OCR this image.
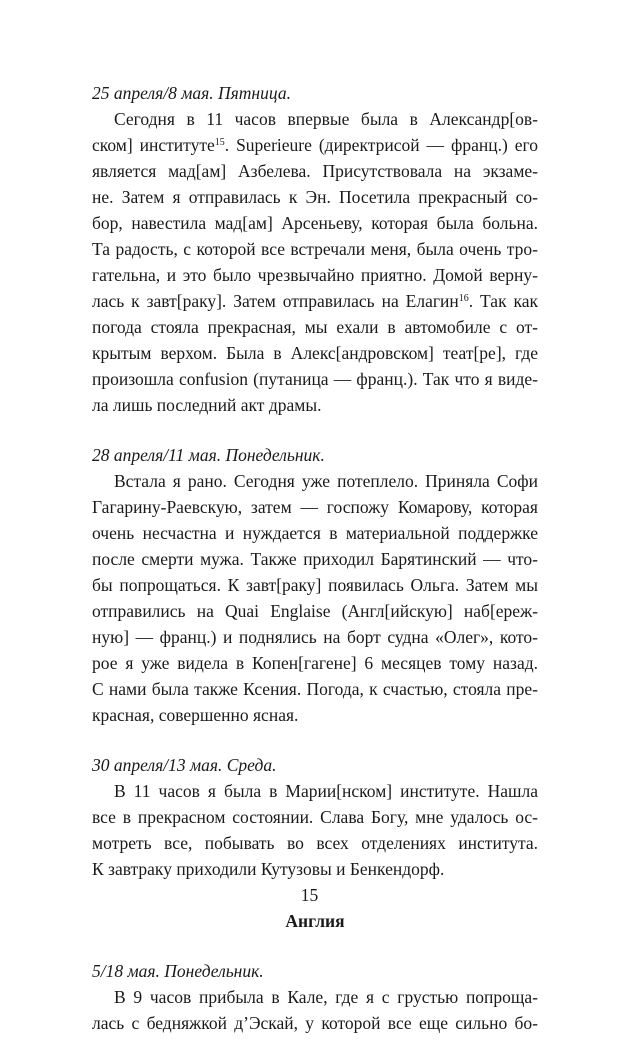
25 апреля/8 мая. Пятница.

Сегодня в 11 часов впервые была в Александр[ов-
ском] институте$^{15}$. Superieure (директрисой — франц.) его
является мад[ам] Азбелева. Присутствовала на экзаме-
не. Затем я отправилась к Эн. Посетила прекрасный со-
бор, навестила мад[ам] Арсеньеву, которая была больна.
Та радость, с которой все встречали меня, была очень тро-
гательна, и это было чрезвычайно приятно. Домой верну-
лась к завт[раку]. Затем отправилась на Елагин$^{16}$. Так как
погода стояла прекрасная, мы ехали в автомобиле с от-
крытым верхом. Была в Алекс[андровском] теат[ре], где
произошла confusion (путаница — франц.). Так что я виде-
ла лишь последний акт драмы.

28 апреля/11 мая. Понедельник.

Встала я рано. Сегодня уже потеплело. Приняла Софи
Гагарину-Раевскую, затем — госпожу Комарову, которая
очень несчастна и нуждается в материальной поддержке
после смерти мужа. Также приходил Барятинский — что-
бы попрощаться. К завт[раку] появилась Ольга. Затем мы
отправились на Quai Englaise (Англ[ийскую] наб[ереж-
ную] — франц.) и поднялись на борт судна «Олег», кото-
рое я уже видела в Копен[гагене] 6 месяцев тому назад.
С нами была также Ксения. Погода, к счастью, стояла пре-
красная, совершенно ясная.

30 апреля/13 мая. Среда.

В 11 часов я была в Марии[нском] институте. Нашла
все в прекрасном состоянии. Слава Богу, мне удалось ос-
мотреть все, побывать во всех отделениях института.
К завтраку приходили Кутузовы и Бенкендорф.
Англия

5/18 мая. Понедельник.

В 9 часов прибыла в Кале, где я с грустью попроща-
лась с бедняжкой д’Эскай, у которой все еще сильно бо-
15
